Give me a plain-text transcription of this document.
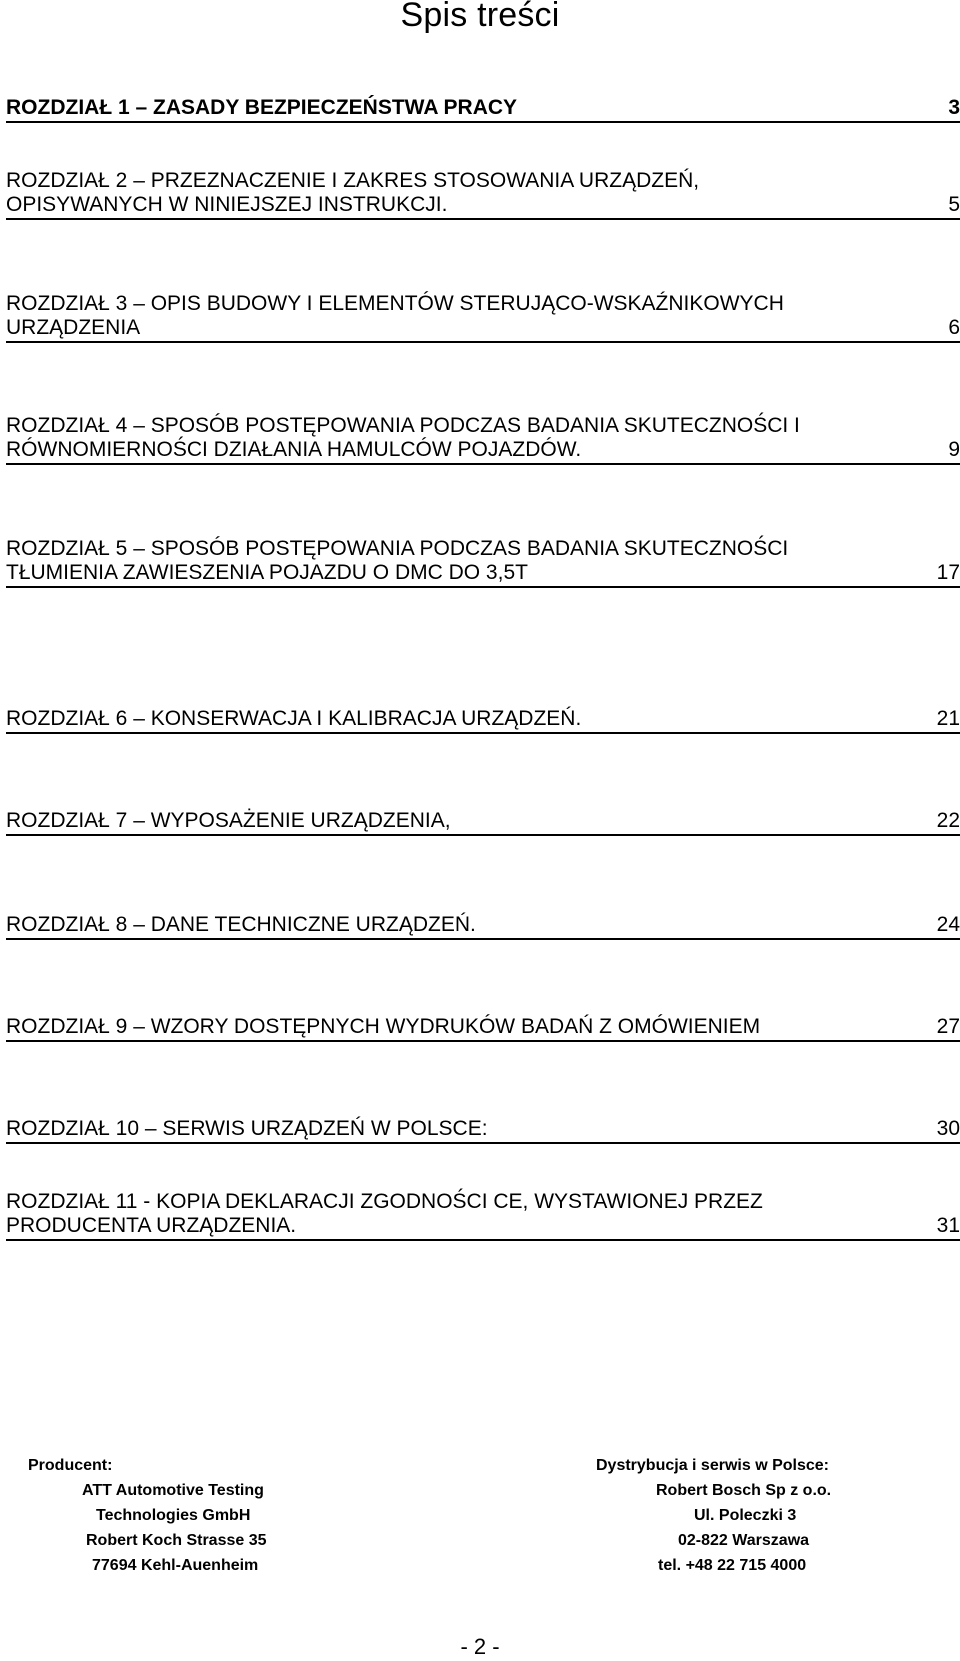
Spis treści
ROZDZIAŁ 1 – ZASADY BEZPIECZEŃSTWA PRACY	3
ROZDZIAŁ 2 – PRZEZNACZENIE I ZAKRES STOSOWANIA URZĄDZEŃ,
OPISYWANYCH W NINIEJSZEJ INSTRUKCJI.	5
ROZDZIAŁ 3 – OPIS BUDOWY I ELEMENTÓW STERUJĄCO-WSKAŹNIKOWYCH
URZĄDZENIA	6
ROZDZIAŁ 4 – SPOSÓB POSTĘPOWANIA PODCZAS BADANIA SKUTECZNOŚCI I
RÓWNOMIERNOŚCI DZIAŁANIA HAMULCÓW POJAZDÓW.	9
ROZDZIAŁ 5 – SPOSÓB POSTĘPOWANIA PODCZAS BADANIA SKUTECZNOŚCI
TŁUMIENIA ZAWIESZENIA POJAZDU O DMC DO 3,5T	17
ROZDZIAŁ 6 – KONSERWACJA I KALIBRACJA URZĄDZEŃ.	21
ROZDZIAŁ 7 – WYPOSAŻENIE URZĄDZENIA,	22
ROZDZIAŁ 8 – DANE TECHNICZNE URZĄDZEŃ.	24
ROZDZIAŁ 9 – WZORY DOSTĘPNYCH WYDRUKÓW BADAŃ Z OMÓWIENIEM	27
ROZDZIAŁ 10 – SERWIS URZĄDZEŃ W POLSCE:	30
ROZDZIAŁ 11 - KOPIA DEKLARACJI ZGODNOŚCI CE, WYSTAWIONEJ PRZEZ
PRODUCENTA URZĄDZENIA.	31
Producent:
ATT Automotive Testing
Technologies GmbH
Robert Koch Strasse 35
77694 Kehl-Auenheim
Dystrybucja i serwis w Polsce:
Robert Bosch Sp z o.o.
Ul. Poleczki 3
02-822 Warszawa
tel. +48 22 715 4000
- 2 -
